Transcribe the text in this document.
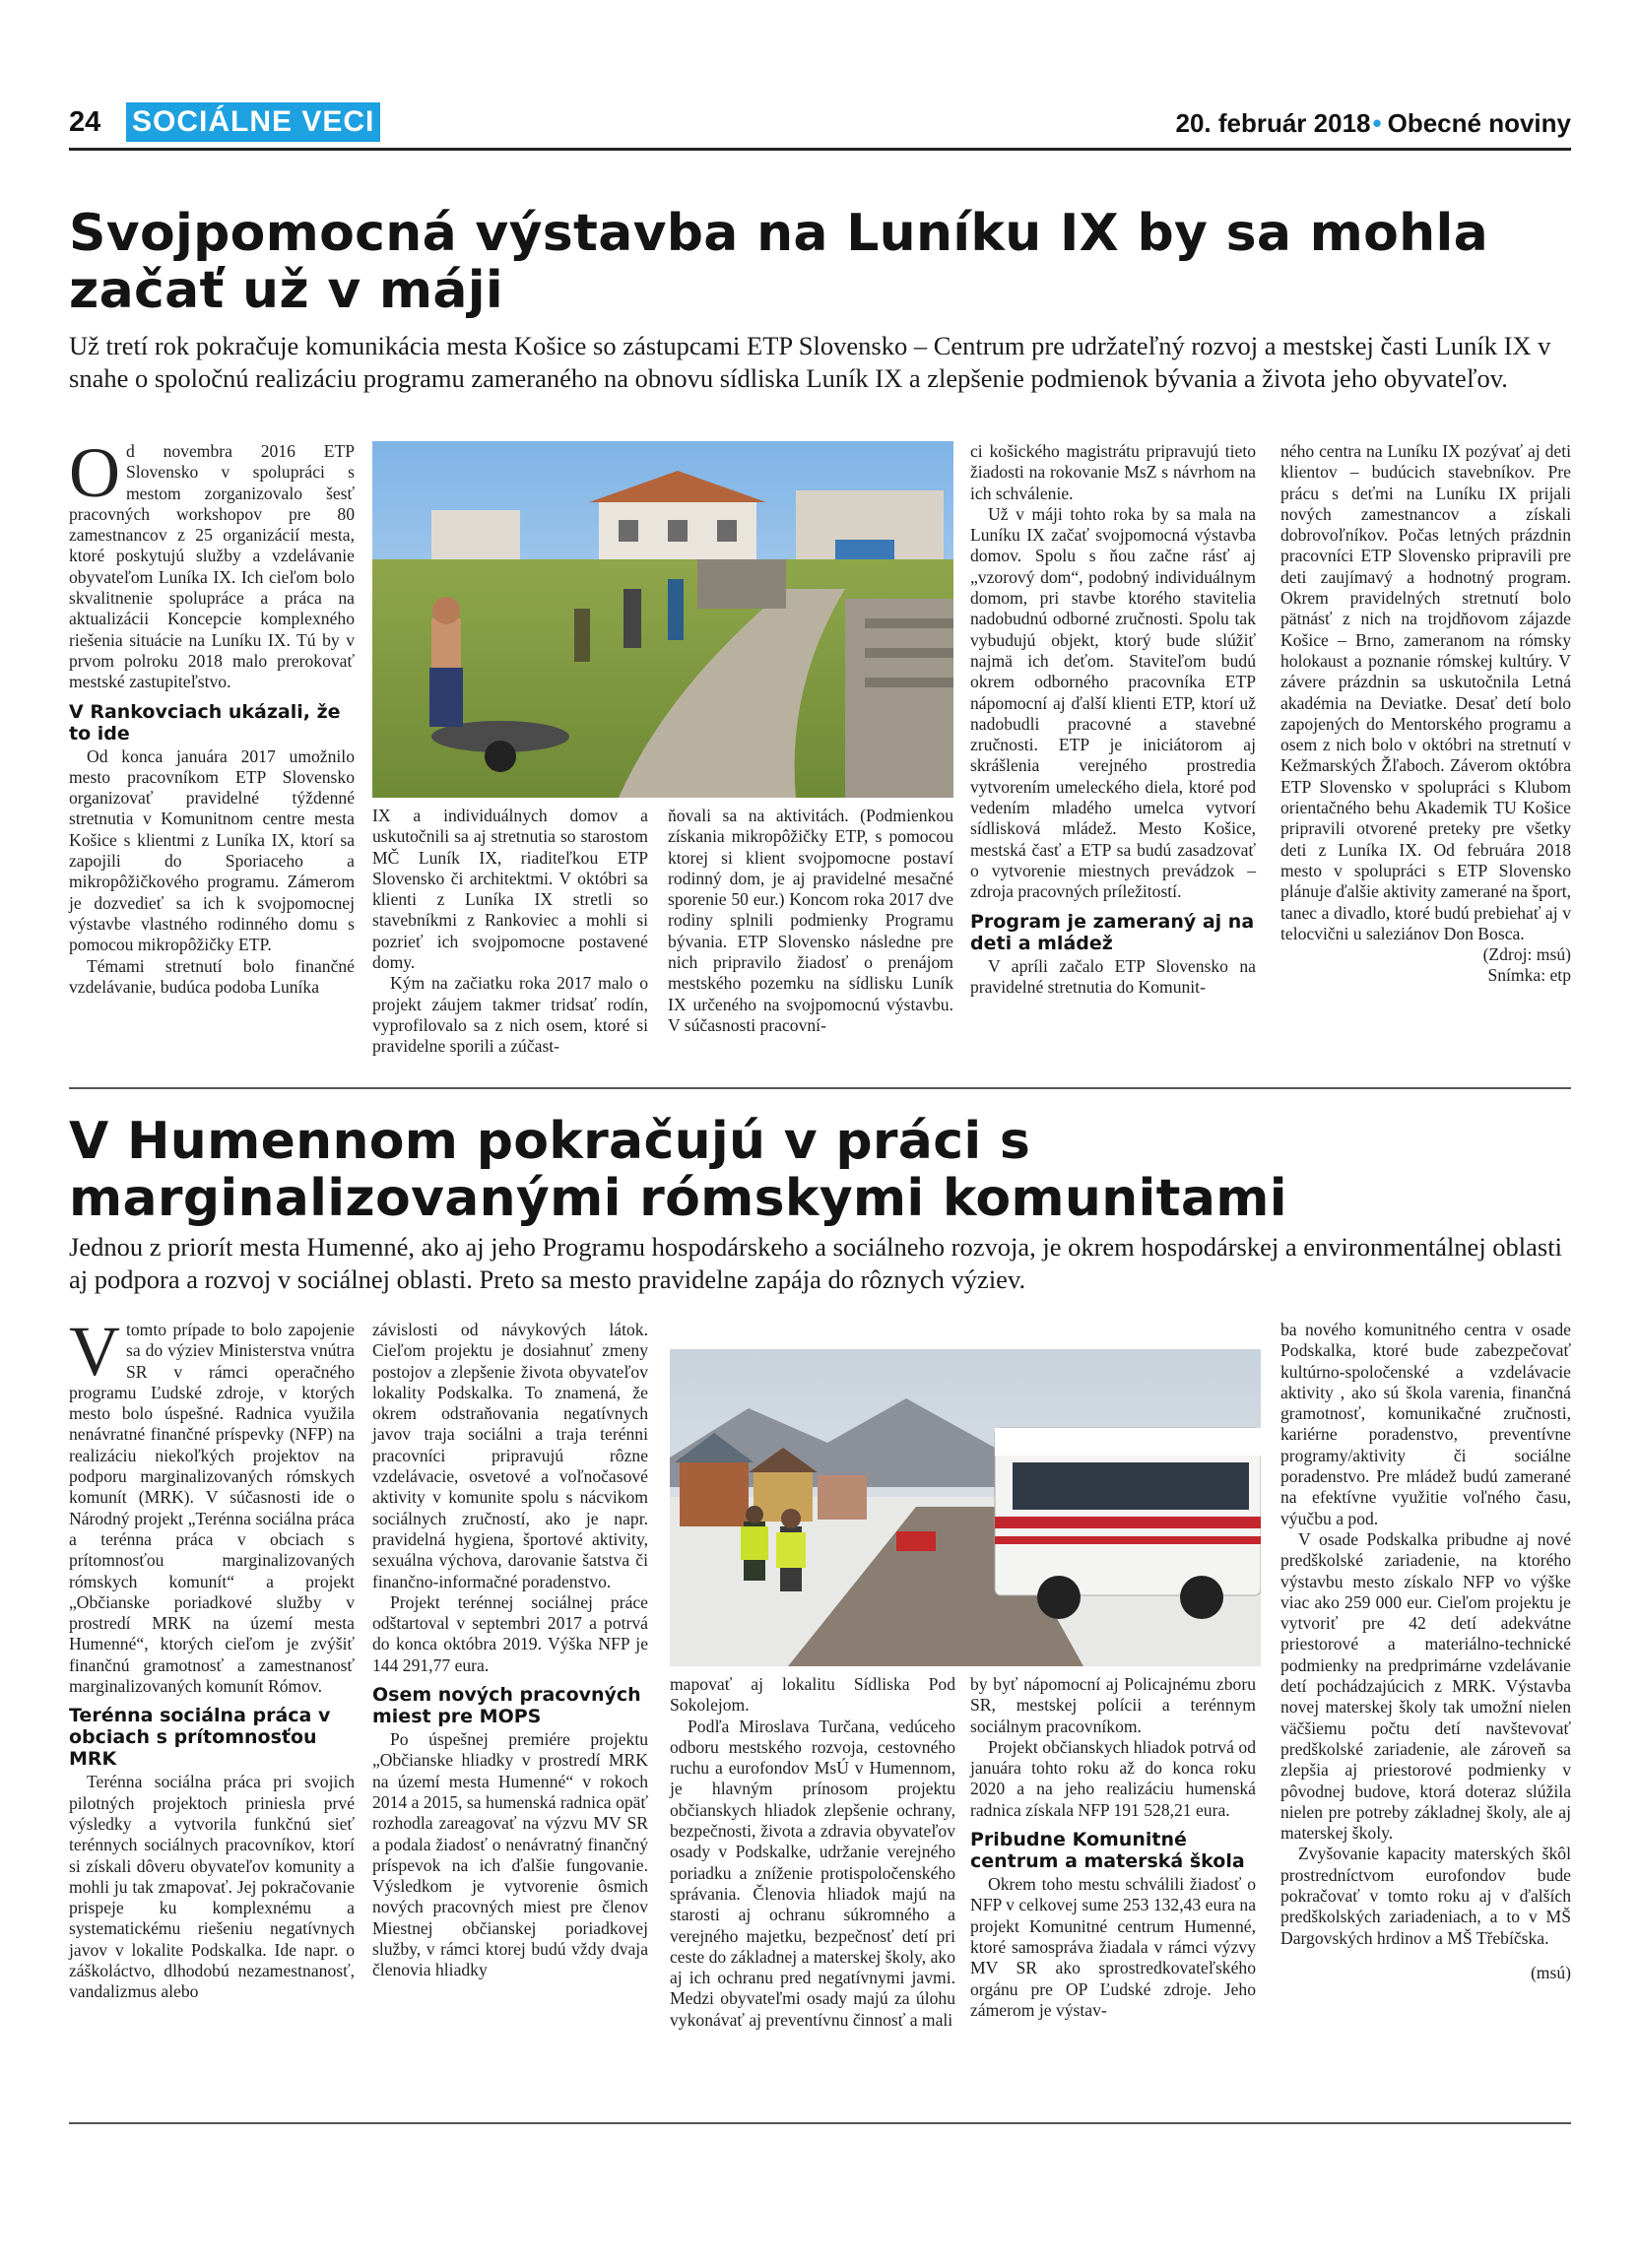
24 SOCIÁLNE VECI	20. február 2018• Obecné noviny
Svojpomocná výstavba na Luníku IX by sa mohla začať už v máji

Už tretí rok pokračuje komunikácia mesta Košice so zástupcami ETP Slovensko – Centrum pre udržateľný rozvoj a mestskej časti Luník IX v snahe o spoločnú realizáciu programu zameraného na obnovu sídliska Luník IX a zlepšenie podmienok bývania a života jeho obyvateľov.

Od novembra 2016 ETP Slovensko v spolupráci s mestom zorganizovalo šesť pracovných workshopov pre 80 zamestnancov z 25 organizácií mesta, ktoré poskytujú služby a vzdelávanie obyvateľom Luníka IX. Ich cieľom bolo skvalitnenie spolupráce a práca na aktualizácii Koncepcie komplexného riešenia situácie na Luníku IX. Tú by v prvom polroku 2018 malo prerokovať mestské zastupiteľstvo.

V Rankovciach ukázali, že to ide

Od konca januára 2017 umožnilo mesto pracovníkom ETP Slovensko organizovať pravidelné týždenné stretnutia v Komunitnom centre mesta Košice s klientmi z Luníka IX, ktorí sa zapojili do Sporiaceho a mikropôžičkového programu. Zámerom je dozvedieť sa ich k svojpomocnej výstavbe vlastného rodinného domu s pomocou mikropôžičky ETP.

Témami stretnutí bolo finančné vzdelávanie, budúca podoba Luníka

IX a individuálnych domov a uskutočnili sa aj stretnutia so starostom MČ Luník IX, riaditeľkou ETP Slovensko či architektmi. V októbri sa klienti z Luníka IX stretli so stavebníkmi z Rankoviec a mohli si pozrieť ich svojpomocne postavené domy.

Kým na začiatku roka 2017 malo o projekt záujem takmer tridsať rodín, vyprofilovalo sa z nich osem, ktoré si pravidelne sporili a zúčast-

ňovali sa na aktivitách. (Podmienkou získania mikropôžičky ETP, s pomocou ktorej si klient svojpomocne postaví rodinný dom, je aj pravidelné mesačné sporenie 50 eur.) Koncom roka 2017 dve rodiny splnili podmienky Programu bývania. ETP Slovensko následne pre nich pripravilo žiadosť o prenájom mestského pozemku na sídlisku Luník IX určeného na svojpomocnú výstavbu. V súčasnosti pracovní-

ci košického magistrátu pripravujú tieto žiadosti na rokovanie MsZ s návrhom na ich schválenie.

Už v máji tohto roka by sa mala na Luníku IX začať svojpomocná výstavba domov. Spolu s ňou začne rásť aj „vzorový dom“, podobný individuálnym domom, pri stavbe ktorého stavitelia nadobudnú odborné zručnosti. Spolu tak vybudujú objekt, ktorý bude slúžiť najmä ich deťom. Staviteľom budú okrem odborného pracovníka ETP nápomocní aj ďalší klienti ETP, ktorí už nadobudli pracovné a stavebné zručnosti. ETP je iniciátorom aj skrášlenia verejného prostredia vytvorením umeleckého diela, ktoré pod vedením mladého umelca vytvorí sídlisková mládež. Mesto Košice, mestská časť a ETP sa budú zasadzovať o vytvorenie miestnych prevádzok – zdroja pracovných príležitostí.

Program je zameraný aj na deti a mládež

V apríli začalo ETP Slovensko na pravidelné stretnutia do Komunit-

ného centra na Luníku IX pozývať aj deti klientov – budúcich stavebníkov. Pre prácu s deťmi na Luníku IX prijali nových zamestnancov a získali dobrovoľníkov. Počas letných prázdnin pracovníci ETP Slovensko pripravili pre deti zaujímavý a hodnotný program. Okrem pravidelných stretnutí bolo pätnásť z nich na trojdňovom zájazde Košice – Brno, zameranom na rómsky holokaust a poznanie rómskej kultúry. V závere prázdnin sa uskutočnila Letná akadémia na Deviatke. Desať detí bolo zapojených do Mentorského programu a osem z nich bolo v októbri na stretnutí v Kežmarských Žľaboch. Záverom októbra ETP Slovensko v spolupráci s Klubom orientačného behu Akademik TU Košice pripravili otvorené preteky pre všetky deti z Luníka IX. Od februára 2018 mesto v spolupráci s ETP Slovensko plánuje ďalšie aktivity zamerané na šport, tanec a divadlo, ktoré budú prebiehať aj v telocvični u saleziánov Don Bosca.

(Zdroj: msú)

Snímka: etp

V Humennom pokračujú v práci s marginalizovanými rómskymi komunitami

Jednou z priorít mesta Humenné, ako aj jeho Programu hospodárskeho a sociálneho rozvoja, je okrem hospodárskej a environmentálnej oblasti aj podpora a rozvoj v sociálnej oblasti. Preto sa mesto pravidelne zapája do rôznych výziev.

Vtomto prípade to bolo zapojenie sa do výziev Ministerstva vnútra SR v rámci operačného programu Ľudské zdroje, v ktorých mesto bolo úspešné. Radnica využila nenávratné finančné príspevky (NFP) na realizáciu niekoľkých projektov na podporu marginalizovaných rómskych komunít (MRK). V súčasnosti ide o Národný projekt „Terénna sociálna práca a terénna práca v obciach s prítomnosťou marginalizovaných rómskych komunít“ a projekt „Občianske poriadkové služby v prostredí MRK na území mesta Humenné“, ktorých cieľom je zvýšiť finančnú gramotnosť a zamestnanosť marginalizovaných komunít Rómov.

Terénna sociálna práca v obciach s prítomnosťou MRK

Terénna sociálna práca pri svojich pilotných projektoch priniesla prvé výsledky a vytvorila funkčnú sieť terénnych sociálnych pracovníkov, ktorí si získali dôveru obyvateľov komunity a mohli ju tak zmapovať. Jej pokračovanie prispeje ku komplexnému a systematickému riešeniu negatívnych javov v lokalite Podskalka. Ide napr. o záškoláctvo, dlhodobú nezamestnanosť, vandalizmus alebo

závislosti od návykových látok. Cieľom projektu je dosiahnuť zmeny postojov a zlepšenie životа obyvateľov lokality Podskalka. To znamená, že okrem odstraňovania negatívnych javov traja sociálni a traja terénni pracovníci pripravujú rôzne vzdelávacie, osvetové a voľnočasové aktivity v komunite spolu s nácvikom sociálnych zručností, ako je napr. pravidelná hygiena, športové aktivity, sexuálna výchova, darovanie šatstva či finančno-informačné poradenstvo.

Projekt terénnej sociálnej práce odštartoval v septembri 2017 a potrvá do konca októbra 2019. Výška NFP je 144 291,77 eura.

Osem nových pracovných miest pre MOPS

Po úspešnej premiére projektu „Občianske hliadky v prostredí MRK na území mesta Humenné“ v rokoch 2014 a 2015, sa humenská radnica opäť rozhodla zareagovať na výzvu MV SR a podala žiadosť o nenávratný finančný príspevok na ich ďalšie fungovanie. Výsledkom je vytvorenie ôsmich nových pracovných miest pre členov Miestnej občianskej poriadkovej služby, v rámci ktorej budú vždy dvaja členovia hliadky

mapovať aj lokalitu Sídliska Pod Sokolejom.

Podľa Miroslava Turčana, vedúceho odboru mestského rozvoja, cestovného ruchu a eurofondov MsÚ v Humennom, je hlavným prínosom projektu občianskych hliadok zlepšenie ochrany, bezpečnosti, života a zdravia obyvateľov osady v Podskalke, udržanie verejného poriadku a zníženie protispoločenského správania. Členovia hliadok majú na starosti aj ochranu súkromného a verejného majetku, bezpečnosť detí pri ceste do základnej a materskej školy, ako aj ich ochranu pred negatívnymi javmi. Medzi obyvateľmi osady majú za úlohu vykonávať aj preventívnu činnosť a mali

by byť nápomocní aj Policajnému zboru SR, mestskej polícii a terénnym sociálnym pracovníkom.

Projekt občianskych hliadok potrvá od januára tohto roku až do konca roku 2020 a na jeho realizáciu humenská radnica získala NFP 191 528,21 eura.

Pribudne Komunitné centrum a materská škola

Okrem toho mestu schválili žiadosť o NFP v celkovej sume 253 132,43 eura na projekt Komunitné centrum Humenné, ktoré samospráva žiadala v rámci výzvy MV SR ako sprostredkovateľského orgánu pre OP Ľudské zdroje. Jeho zámerom je výstav-

ba nového komunitného centra v osade Podskalka, ktoré bude zabezpečovať kultúrno-spoločenské a vzdelávacie aktivity , ako sú škola varenia, finančná gramotnosť, komunikačné zručnosti, kariérne poradenstvo, preventívne programy/aktivity či sociálne poradenstvo. Pre mládež budú zamerané na efektívne využitie voľného času, výučbu a pod.

V osade Podskalka pribudne aj nové predškolské zariadenie, na ktorého výstavbu mesto získalo NFP vo výške viac ako 259 000 eur. Cieľom projektu je vytvoriť pre 42 detí adekvátne priestorové a materiálno-technické podmienky na predprimárne vzdelávanie detí pochádzajúcich z MRK. Výstavba novej materskej školy tak umožní nielen väčšiemu počtu detí navštevovať predškolské zariadenie, ale zároveň sa zlepšia aj priestorové podmienky v pôvodnej budove, ktorá doteraz slúžila nielen pre potreby základnej školy, ale aj materskej školy.

Zvyšovanie kapacity materských škôl prostredníctvom eurofondov bude pokračovať v tomto roku aj v ďalších predškolských zariadeniach, a to v MŠ Dargovských hrdinov a MŠ Třebíčska.

(msú)
